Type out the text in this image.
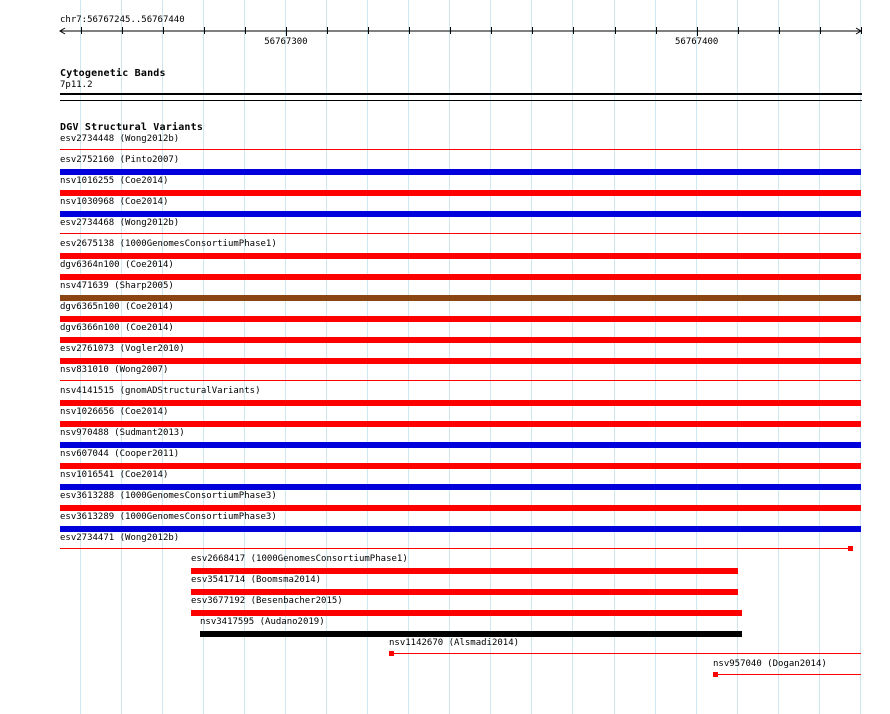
chr7:56767245..56767440
56767300	56767400
Cytogenetic Bands
7p11.2
DGV Structural Variants
esv2734448 (Wong2012b)
esv2752160 (Pinto2007)
nsv1016255 (Coe2014)
nsv1030968 (Coe2014)
esv2734468 (Wong2012b)
esv2675138 (1000GenomesConsortiumPhase1)
dgv6364n100 (Coe2014)
nsv471639 (Sharp2005)
dgv6365n100 (Coe2014)
dgv6366n100 (Coe2014)
esv2761073 (Vogler2010)
nsv831010 (Wong2007)
nsv4141515 (gnomADStructuralVariants)
nsv1026656 (Coe2014)
nsv970488 (Sudmant2013)
nsv607044 (Cooper2011)
nsv1016541 (Coe2014)
esv3613288 (1000GenomesConsortiumPhase3)
esv3613289 (1000GenomesConsortiumPhase3)
esv2734471 (Wong2012b)
esv2668417 (1000GenomesConsortiumPhase1)
esv3541714 (Boomsma2014)
esv3677192 (Besenbacher2015)
nsv3417595 (Audano2019)
nsv1142670 (Alsmadi2014)
nsv957040 (Dogan2014)
